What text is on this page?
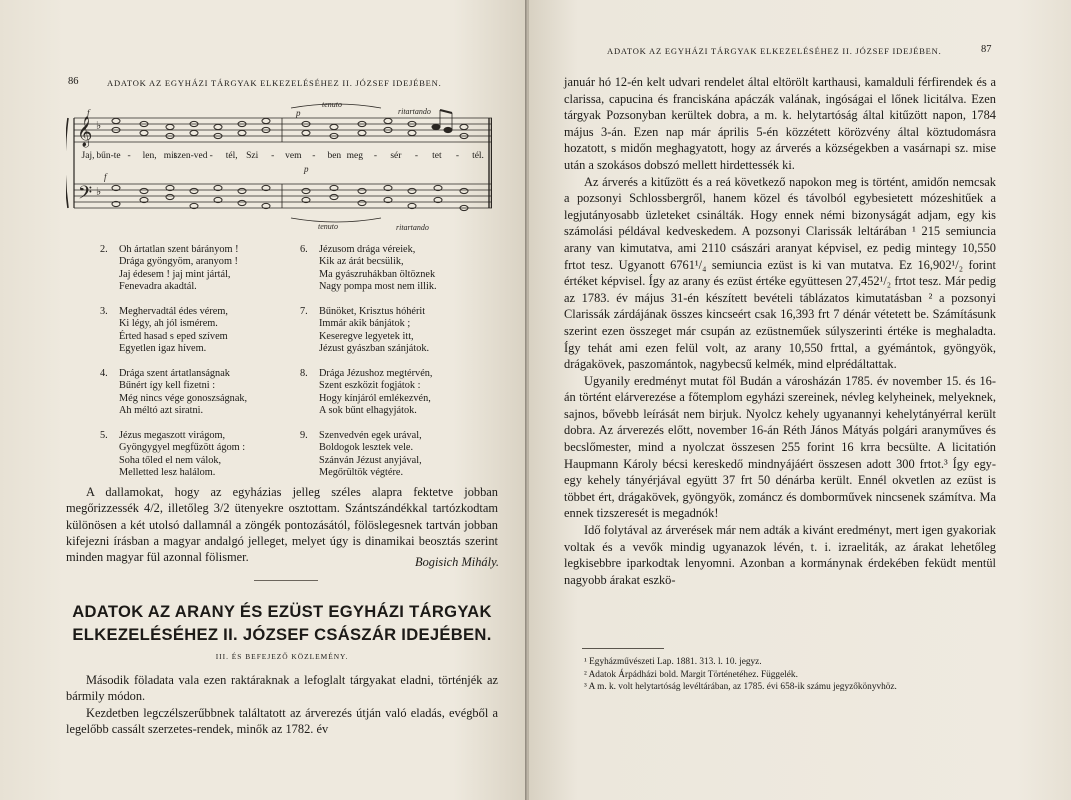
86	ADATOK AZ EGYHÁZI TÁRGYAK ELKEZELÉSÉHEZ II. JÓZSEF IDEJÉBEN.
𝄞
𝄢
♭
♭
f	p
p
f
tenuto
ritartando
tenuto	ritartando
Jaj, bűn-te - len, mit
szen-ved - tél, Szi - vem - ben meg - sér - tet - tél.
2.	Oh ártatlan szent bárányom !
Drága gyöngyöm, aranyom !
Jaj édesem ! jaj mint jártál,
Fenevadra akadtál.
3.	Meghervadtál édes vérem,
Ki légy, ah jól ismérem.
Érted hasad s eped szívem
Egyetlen igaz hívem.
4.	Drága szent ártatlanságnak
Bűnért így kell fizetni :
Még nincs vége gonoszságnak,
Ah méltó azt siratni.
5.	Jézus megaszott virágom,
Gyöngygyel megfűzött ágom :
Soha tőled el nem válok,
Melletted lesz halálom.
6.	Jézusom drága véreiek,
Kik az árát becsülik,
Ma gyászruhákban öltöznek
Nagy pompa most nem illik.
7.	Bűnöket, Krisztus hóhérit
Immár akik bánjátok ;
Keseregve legyetek itt,
Jézust gyászban szánjátok.
8.	Drága Jézushoz megtérvén,
Szent eszközit fogjátok :
Hogy kínjáról emlékezvén,
A sok bűnt elhagyjátok.
9.	Szenvedvén egek urával,
Boldogok lesztek vele.
Szánván Jézust anyjával,
Megőrültök végtére.

A dallamokat, hogy az egyházias jelleg széles alapra fektetve jobban megőrizzessék 4/2, illetőleg 3/2 ütenyekre osztottam. Szántszándékkal tartózkodtam különösen a két utolsó dallamnál a zöngék pontozásától, fölöslegesnek tartván jobban kifejezni írásban a magyar andalgó jelleget, melyet úgy is dinamikai beosztás szerint minden magyar fül azonnal fölismer.	Bogisich Mihály.
ADATOK AZ ARANY ÉS EZÜST EGYHÁZI TÁRGYAK
ELKEZELÉSÉHEZ II. JÓZSEF CSÁSZÁR IDEJÉBEN.
III. ÉS BEFEJEZŐ KÖZLEMÉNY.

Második föladata vala ezen raktáraknak a lefoglalt tárgyakat eladni, történjék az bármily módon.

Kezdetben legczélszerűbbnek találtatott az árverezés útján való eladás, evégből a legelőbb cassált szerzetes-rendek, minők az 1782. év

ADATOK AZ EGYHÁZI TÁRGYAK ELKEZELÉSÉHEZ II. JÓZSEF IDEJÉBEN.	87

január hó 12-én kelt udvari rendelet által eltörölt karthausi, kamalduli férfirendek és a clarissa, capucina és franciskána apáczák valának, ingóságai el lőnek licitálva. Ezen tárgyak Pozsonyban kerültek dobra, a m. k. helytartóság által kitűzött napon, 1784 május 3-án. Ezen nap már április 5-én közzétett körözvény által köztudomásra hozatott, s midőn meghagyatott, hogy az árverés a községekben a vasárnapi sz. mise után a szokásos dobszó mellett hirdettessék ki.

Az árverés a kitűzött és a reá következő napokon meg is történt, amidőn nemcsak a pozsonyi Schlossbergről, hanem közel és távolból egybesietett mózeshitűek a legjutányosabb üzleteket csinálták. Hogy ennek némi bizonyságát adjam, egy kis számolási példával kedveskedem. A pozsonyi Clarissák leltárában ¹ 215 semiuncia arany van kimutatva, ami 2110 császári aranyat képvisel, ez pedig mintegy 10,550 frtot tesz. Ugyanott 6761¹/₄ semiuncia ezüst is ki van mutatva. Ez 16,902¹/₂ forint értéket képvisel. Így az arany és ezüst értéke együttesen 27,452¹/₂ frtot tesz. Már pedig az 1783. év május 31-én készített bevételi táblázatos kimutatásban ² a pozsonyi Clarissák zárdájának összes kincseért csak 16,393 frt 7 dénár vétetett be. Számításunk szerint ezen összeget már csupán az ezüstneműek súlyszerinti értéke is meghaladta. Így tehát ami ezen felül volt, az arany 10,550 frttal, a gyémántok, gyöngyök, drágakövek, paszomántok, nagybecsű kelmék, mind elprédáltattak.

Ugyanily eredményt mutat föl Budán a városházán 1785. év november 15. és 16-án történt elárverezése a főtemplom egyházi szereinek, névleg kelyheinek, melyeknek, sajnos, bővebb leírását nem birjuk. Nyolcz kehely ugyanannyi kehelytányérral került dobra. Az árverezés előtt, november 16-án Réth János Mátyás polgári aranyműves és becslőmester, mind a nyolczat összesen 255 forint 16 krra becsülte. A licitatión Haupmann Károly bécsi kereskedő mindnyájáért összesen adott 300 frtot.³ Így egy-egy kehely tányérjával együtt 37 frt 50 dénárba került. Ennél okvetlen az ezüst is többet ért, drágakövek, gyöngyök, zománcz és domborművek nincsenek számítva. Ma ennek tizszeresét is megadnók!

Idő folytával az árverések már nem adták a kivánt eredményt, mert igen gyakoriak voltak és a vevők mindig ugyanazok lévén, t. i. izraeliták, az árakat lehetőleg legkisebbre iparkodtak lenyomni. Azonban a kormánynak érdekében feküdt mentül nagyobb árakat eszkö-

¹ Egyházművészeti Lap. 1881. 313. l. 10. jegyz.
² Adatok Árpádházi bold. Margit Történetéhez. Függelék.
³ A m. k. volt helytartóság levéltárában, az 1785. évi 658-ik számu jegyzőkönyvhöz.
